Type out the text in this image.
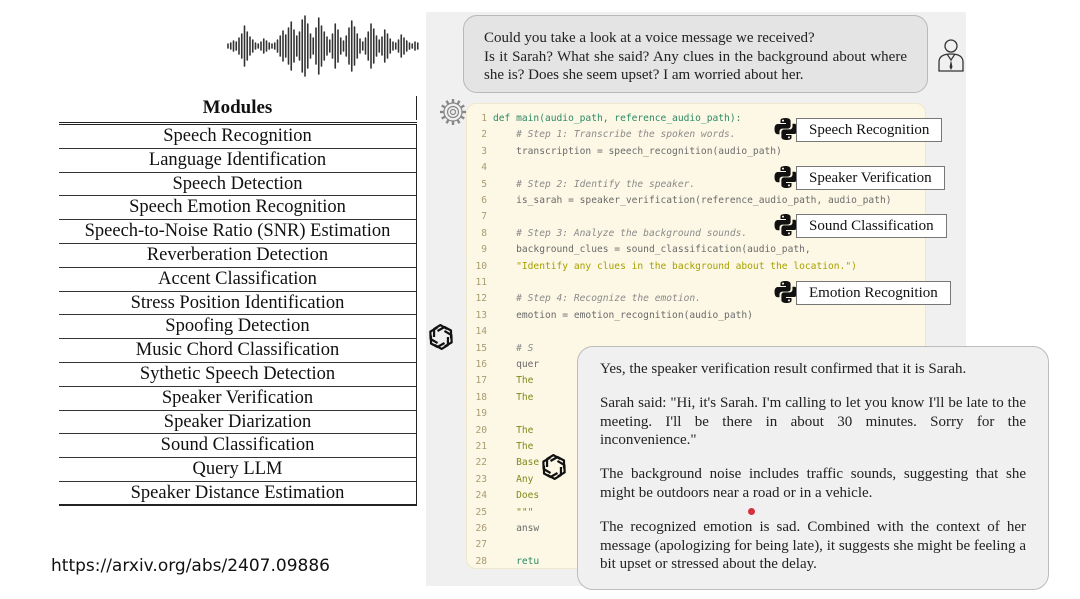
Modules
Speech Recognition
Language Identification
Speech Detection
Speech Emotion Recognition
Speech-to-Noise Ratio (SNR) Estimation
Reverberation Detection
Accent Classification
Stress Position Identification
Spoofing Detection
Music Chord Classification
Sythetic Speech Detection
Speaker Verification
Speaker Diarization
Sound Classification
Query LLM
Speaker Distance Estimation
https://arxiv.org/abs/2407.09886
Could you take a look at a voice message we received?
Is it Sarah? What she said? Any clues in the background about where she is? Does she seem upset? I am worried about her.
1 def main(audio_path, reference_audio_path):
2    # Step 1: Transcribe the spoken words.
3    transcription = speech_recognition(audio_path)
4
5    # Step 2: Identify the speaker.
6    is_sarah = speaker_verification(reference_audio_path, audio_path)
7
8    # Step 3: Analyze the background sounds.
9    background_clues = sound_classification(audio_path,
10    "Identify any clues in the background about the location.")
11
12    # Step 4: Recognize the emotion.
13    emotion = emotion_recognition(audio_path)
14
15    # S
16    quer
17    The
18    The
19
20    The
21    The
22    Base
23    Any
24    Does
25    """
26    answ
27
28    retu
Speech Recognition
Speaker Verification
Sound Classification
Emotion Recognition

Yes, the speaker verification result confirmed that it is Sarah.

Sarah said: "Hi, it's Sarah. I'm calling to let you know I'll be late to the meeting. I'll be there in about 30 minutes. Sorry for the inconvenience."

The background noise includes traffic sounds, suggesting that she might be outdoors near a road or in a vehicle.

The recognized emotion is sad. Combined with the context of her message (apologizing for being late), it suggests she might be feeling a bit upset or stressed about the delay.
